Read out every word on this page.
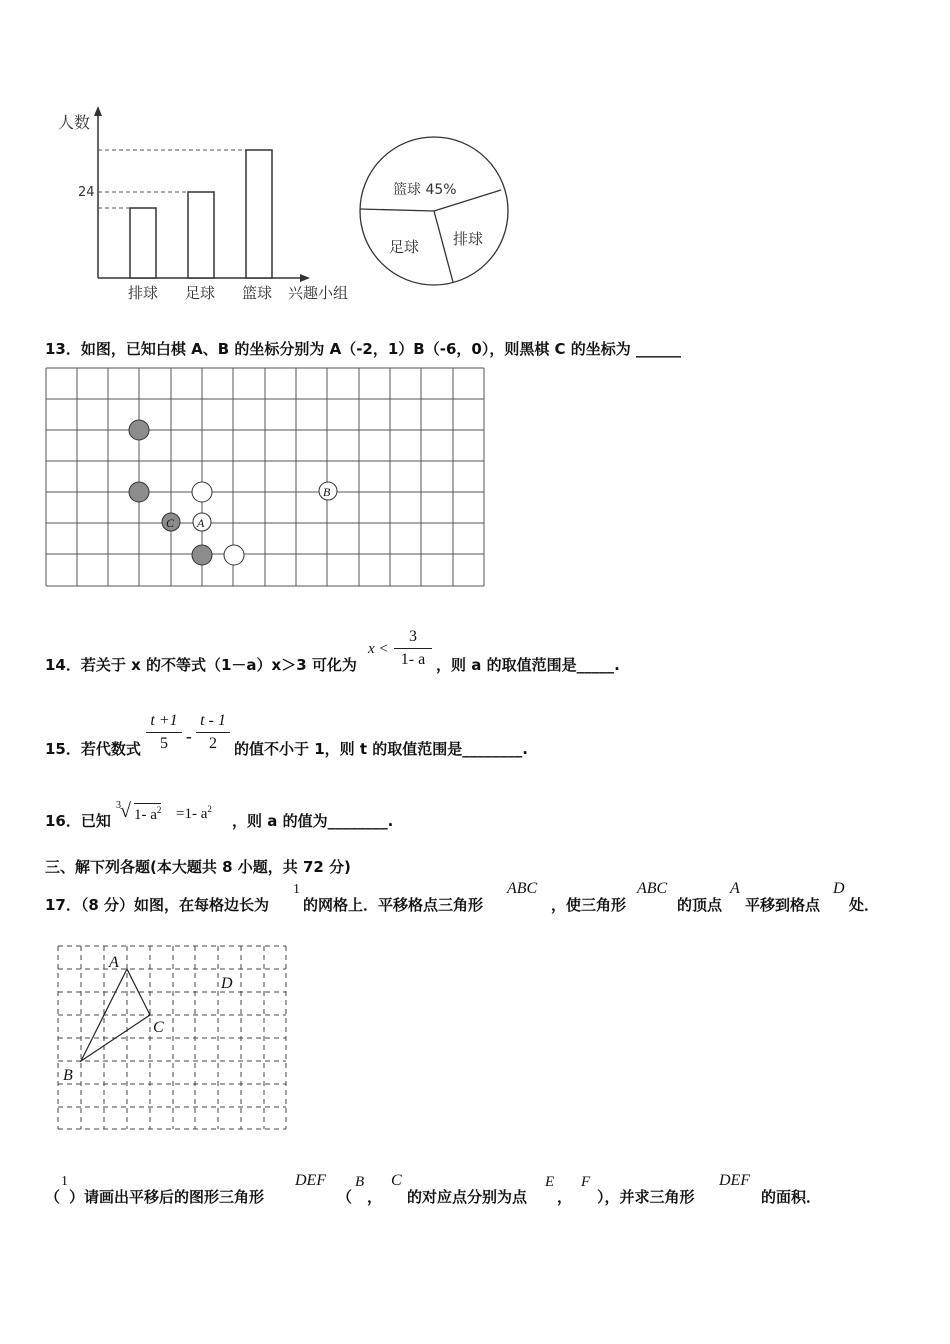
人数
24
排球 足球 篮球 兴趣小组
篮球 45%
排球
足球
13．如图，已知白棋 A、B 的坐标分别为 A（-2，1）B（-6，0），则黑棋 C 的坐标为 ______
C A
B
14．若关于 x 的不等式（1－a）x＞3 可化为
x <
3
1- a ，则 a 的取值范围是_____.
15．若代数式
t +1
5	-
t - 1
2	的值不小于 1，则 t 的取值范围是________.
16．已知
3 √ 1- $a^2 =1-$ $a^2$
，则 a 的值为________.
三、解下列各题(本大题共 8 小题，共 72 分)
17．（8 分）如图，在每格边长为
1
的网格上．平移格点三角形
ABC
，使三角形
ABC
的顶点
A
平移到格点
D
处．
A
C
B
D
（
1
）请画出平移后的图形三角形
DEF
（
B
，
C
的对应点分别为点
E
，
F
），并求三角形
DEF
的面积．
